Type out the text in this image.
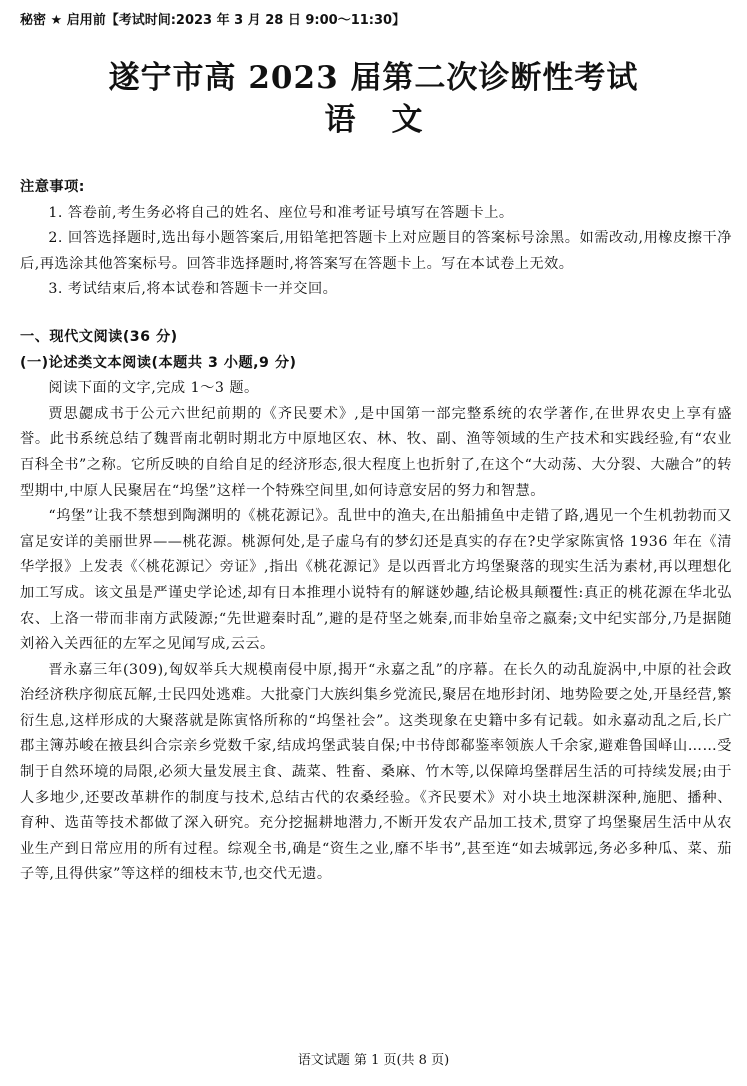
秘密 ★ 启用前【考试时间:2023 年 3 月 28 日 9:00～11:30】
遂宁市高 2023 届第二次诊断性考试
语文

注意事项:

1. 答卷前,考生务必将自己的姓名、座位号和准考证号填写在答题卡上。

2. 回答选择题时,选出每小题答案后,用铅笔把答题卡上对应题目的答案标号涂黑。如需改动,用橡皮擦干净后,再选涂其他答案标号。回答非选择题时,将答案写在答题卡上。写在本试卷上无效。

3. 考试结束后,将本试卷和答题卡一并交回。

一、现代文阅读(36 分)

(一)论述类文本阅读(本题共 3 小题,9 分)

阅读下面的文字,完成 1～3 题。

贾思勰成书于公元六世纪前期的《齐民要术》,是中国第一部完整系统的农学著作,在世界农史上享有盛誉。此书系统总结了魏晋南北朝时期北方中原地区农、林、牧、副、渔等领域的生产技术和实践经验,有“农业百科全书”之称。它所反映的自给自足的经济形态,很大程度上也折射了,在这个“大动荡、大分裂、大融合”的转型期中,中原人民聚居在“坞堡”这样一个特殊空间里,如何诗意安居的努力和智慧。

“坞堡”让我不禁想到陶渊明的《桃花源记》。乱世中的渔夫,在出船捕鱼中走错了路,遇见一个生机勃勃而又富足安详的美丽世界——桃花源。桃源何处,是子虚乌有的梦幻还是真实的存在?史学家陈寅恪 1936 年在《清华学报》上发表《〈桃花源记〉旁证》,指出《桃花源记》是以西晋北方坞堡聚落的现实生活为素材,再以理想化加工写成。该文虽是严谨史学论述,却有日本推理小说特有的解谜妙趣,结论极具颠覆性:真正的桃花源在华北弘农、上洛一带而非南方武陵源;“先世避秦时乱”,避的是苻坚之姚秦,而非始皇帝之嬴秦;文中纪实部分,乃是据随刘裕入关西征的左军之见闻写成,云云。

晋永嘉三年(309),匈奴举兵大规模南侵中原,揭开“永嘉之乱”的序幕。在长久的动乱旋涡中,中原的社会政治经济秩序彻底瓦解,士民四处逃难。大批豪门大族纠集乡党流民,聚居在地形封闭、地势险要之处,开垦经营,繁衍生息,这样形成的大聚落就是陈寅恪所称的“坞堡社会”。这类现象在史籍中多有记载。如永嘉动乱之后,长广郡主簿苏峻在掖县纠合宗亲乡党数千家,结成坞堡武装自保;中书侍郎郗鉴率领族人千余家,避难鲁国峄山……受制于自然环境的局限,必须大量发展主食、蔬菜、牲畜、桑麻、竹木等,以保障坞堡群居生活的可持续发展;由于人多地少,还要改革耕作的制度与技术,总结古代的农桑经验。《齐民要术》对小块土地深耕深种,施肥、播种、育种、选苗等技术都做了深入研究。充分挖掘耕地潜力,不断开发农产品加工技术,贯穿了坞堡聚居生活中从农业生产到日常应用的所有过程。综观全书,确是“资生之业,靡不毕书”,甚至连“如去城郭远,务必多种瓜、菜、茄子等,且得供家”等这样的细枝末节,也交代无遗。

语文试题 第 1 页(共 8 页)
